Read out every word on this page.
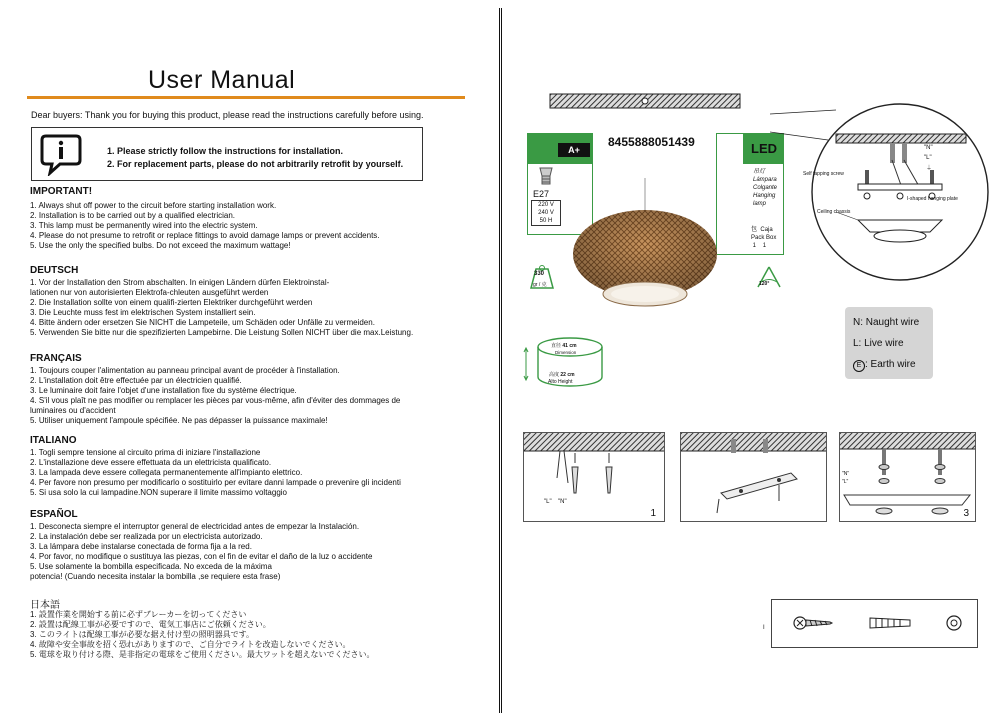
User Manual
Dear buyers: Thank you for buying this product, please read the instructions carefully before using.
1. Please strictly follow the instructions for installation.
2. For replacement parts, please do not arbitrarily retrofit by yourself.
IMPORTANT!
1. Always shut off power to the circuit before starting installation work.
2. Installation is to be carried out by a qualified electrician.
3. This lamp must be permanently wired into the electric system.
4. Please do not presume to retrofit or replace fittings to avoid damage lamps or prevent accidents.
5. Use the only the specified bulbs. Do not exceed the maximum wattage!
DEUTSCH
1. Vor der Installation den Strom abschalten. In einigen Ländern dürfen Elektroinstal-
lationen nur von autorisierten Elektrofa-chleuten ausgeführt werden
2. Die Installation sollte von einem qualifi-zierten Elektriker durchgeführt werden
3. Die Leuchte muss fest im elektrischen System installiert sein.
4. Bitte ändern oder ersetzen Sie NICHT die Lampeteile, um Schäden oder Unfälle zu vermeiden.
5. Verwenden Sie bitte nur die spezifizierten Lampebirne. Die Leistung Sollen NICHT über die max.Leistung.
FRANÇAIS
1. Toujours couper l'alimentation au panneau principal avant de procéder à l'installation.
2. L'installation doit être effectuée par un électricien qualifié.
3. Le luminaire doit faire l'objet d'une installation fixe du système électrique.
4. S'il vous plaît ne pas modifier ou remplacer les pièces par vous-même, afin d'éviter des dommages de
luminaires ou d'accident
5. Utiliser uniquement l'ampoule spécifiée. Ne pas dépasser la puissance maximale!
ITALIANO
1. Togli sempre tensione al circuito prima di iniziare l'installazione
2. L'installazione deve essere effettuata da un elettricista qualificato.
3. La lampada deve essere collegata permanentemente all'impianto elettrico.
4. Per favore non presumo per modificarlo o sostituirlo per evitare danni lampade o prevenire gli incidenti
5. Si usa solo la cui lampadine.NON superare il limite massimo voltaggio
ESPAÑOL
1. Desconecta siempre el interruptor general de electricidad antes de empezar la Instalación.
2. La instalación debe ser realizada por un electricista autorizado.
3. La lámpara debe instalarse conectada de forma fija a la red.
4. Por favor, no modifique o sustituya las piezas, con el fin de evitar el daño de la luz o accidente
5. Use solamente la bombilla especificada. No exceda de la máxima
potencia! (Cuando necesita instalar la bombilla ,se requiere esta frase)
日本語
1. 設置作業を開始する前に必ずブレーカーを切ってください
2. 設置は配線工事が必要ですので、電気工事店にご依頼ください。
3. このライトは配線工事が必要な据え付け型の照明器具です。
4. 故障や安全事故を招く恐れがありますので、ご自分でライトを改造しないでください。
5. 電球を取り付ける際、是非指定の電球をご使用ください。最大ワットを超えないでください。
A+
E27
220 V
240 V
50 H
8455888051439	LED
吊灯
Lámpara
Colgante
Hanging
lamp
包 Caja
Pack Box
1 1
330
gr / 克	120°
直径 41 cm
Dimension
高度 22 cm
Alto Height
"N"
"L"
⏚
Self tapping screw
I-shaped hanging plate
Ceiling chassis
N: Naught wire
L: Live wire
E : Earth wire
1
"L" "N"
3
"N"
"L"
I
